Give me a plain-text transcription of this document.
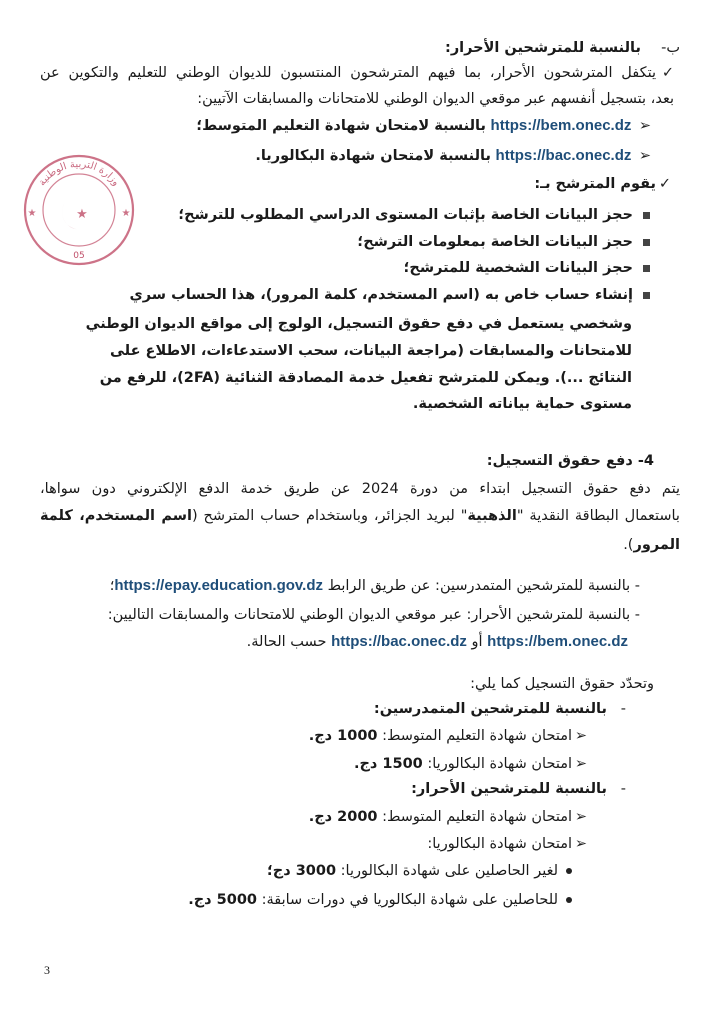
ب-    بالنسبة للمترشحين الأحرار:
✓يتكفل المترشحون الأحرار، بما فيهم المترشحون المنتسبون للديوان الوطني للتعليم والتكوين عن
بعد، بتسجيل أنفسهم عبر موقعي الديوان الوطني للامتحانات والمسابقات الآتيين:
➢ https://bem.onec.dz بالنسبة لامتحان شهادة التعليم المتوسط؛
➢ https://bac.onec.dz بالنسبة لامتحان شهادة البكالوريا.
✓يقوم المترشح بـ:
حجز البيانات الخاصة بإثبات المستوى الدراسي المطلوب للترشح؛
حجز البيانات الخاصة بمعلومات الترشح؛
حجز البيانات الشخصية للمترشح؛
إنشاء حساب خاص به (اسم المستخدم، كلمة المرور)، هذا الحساب سري
وشخصي يستعمل في دفع حقوق التسجيل، الولوج إلى مواقع الديوان الوطني
للامتحانات والمسابقات (مراجعة البيانات، سحب الاستدعاءات، الاطلاع على
النتائج ...). ويمكن للمترشح تفعيل خدمة المصادقة الثنائية (2FA)، للرفع من
مستوى حماية بياناته الشخصية.
4- دفع حقوق التسجيل:
يتم دفع حقوق التسجيل ابتداء من دورة 2024 عن طريق خدمة الدفع الإلكتروني دون سواها،
باستعمال البطاقة النقدية "الذهبية" لبريد الجزائر، وباستخدام حساب المترشح (اسم المستخدم، كلمة
المرور).
- بالنسبة للمترشحين المتمدرسين: عن طريق الرابط https://epay.education.gov.dz؛
- بالنسبة للمترشحين الأحرار: عبر موقعي الديوان الوطني للامتحانات والمسابقات التاليين:
https://bem.onec.dz أو https://bac.onec.dz حسب الحالة.
وتحدّد حقوق التسجيل كما يلي:
-   بالنسبة للمترشحين المتمدرسين:
➢امتحان شهادة التعليم المتوسط: 1000 دج.
➢امتحان شهادة البكالوريا: 1500 دج.
-   بالنسبة للمترشحين الأحرار:
➢امتحان شهادة التعليم المتوسط: 2000 دج.
➢امتحان شهادة البكالوريا:
لغير الحاصلين على شهادة البكالوريا: 3000 دج؛
للحاصلين على شهادة البكالوريا في دورات سابقة: 5000 دج.
3
وزارة التربية الوطنية
★
★	★
05
